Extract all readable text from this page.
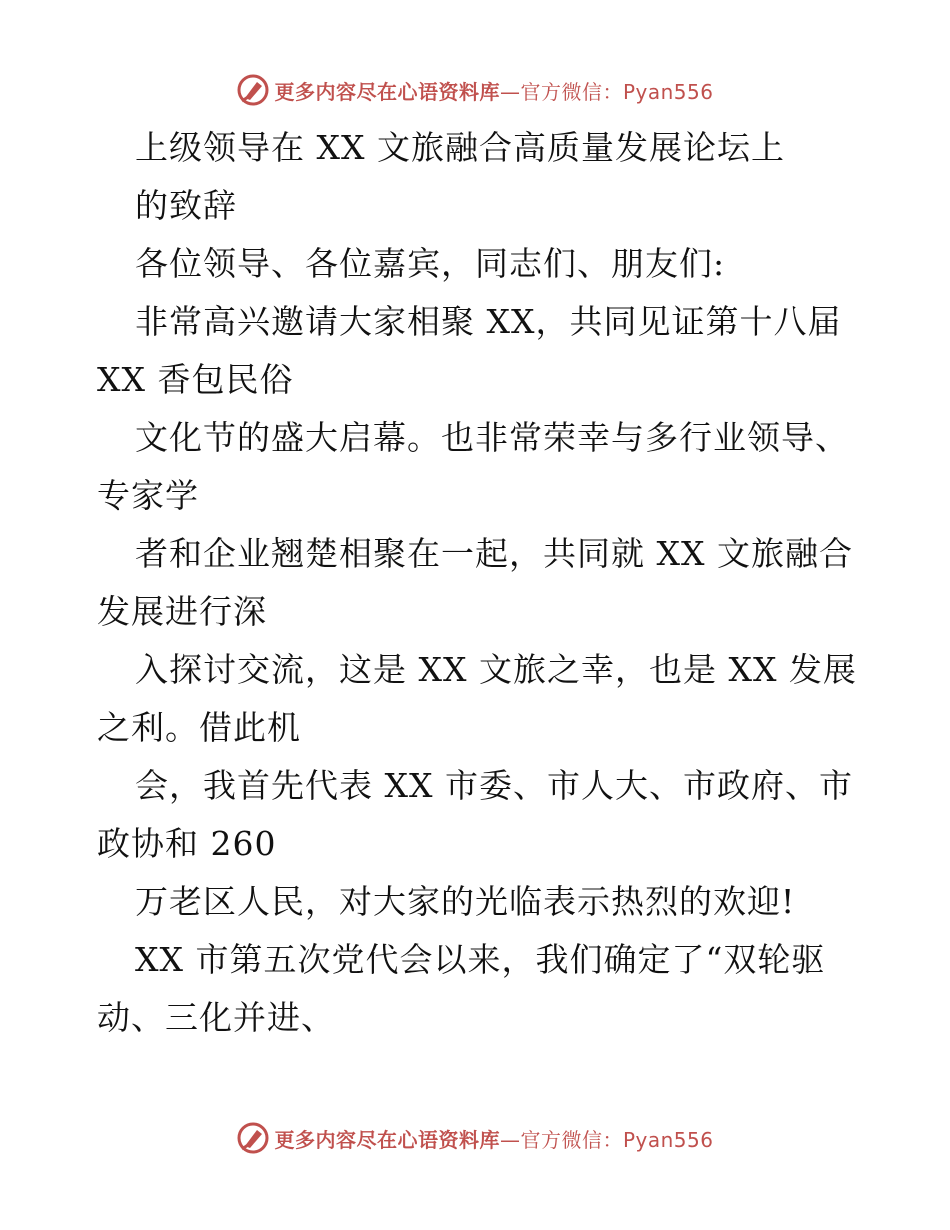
更多内容尽在心语资料库—官方微信：Pyan556
上级领导在 XX 文旅融合高质量发展论坛上
的致辞
各位领导、各位嘉宾，同志们、朋友们:
非常高兴邀请大家相聚 XX，共同见证第十八届
XX 香包民俗
文化节的盛大启幕。也非常荣幸与多行业领导、
专家学
者和企业翘楚相聚在一起，共同就 XX 文旅融合
发展进行深
入探讨交流，这是 XX 文旅之幸，也是 XX 发展
之利。借此机
会，我首先代表 XX 市委、市人大、市政府、市
政协和 260
万老区人民，对大家的光临表示热烈的欢迎!
XX 市第五次党代会以来，我们确定了“双轮驱
动、三化并进、
更多内容尽在心语资料库—官方微信：Pyan556
